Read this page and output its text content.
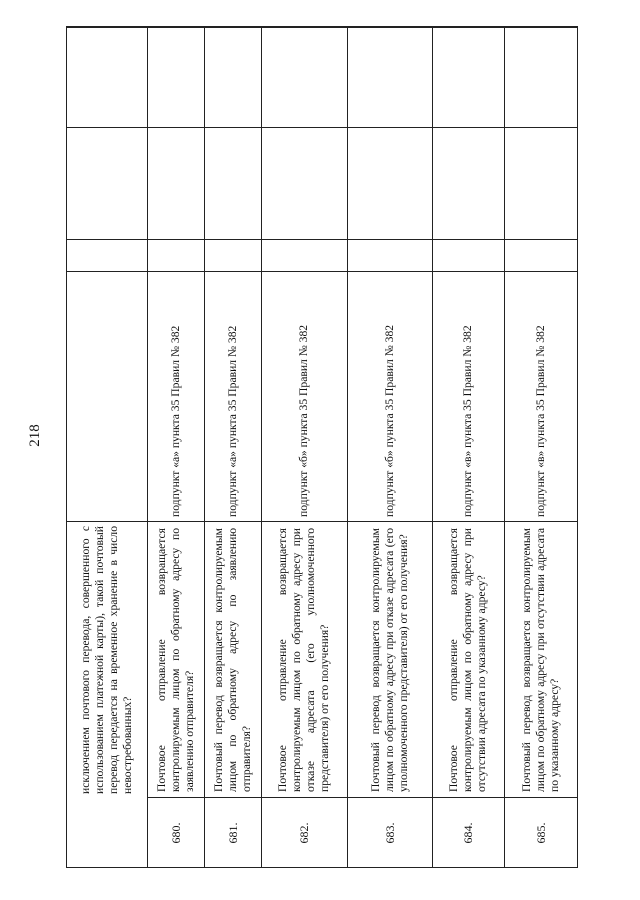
218
исключением почтового перевода, совершенного с использованием платежной карты), такой почтовый перевод передается на временное хранение в число невостребованных?
680.
Почтовое отправление возвращается контролируемым лицом по обратному адресу по заявлению отправителя?
подпункт «а» пункта 35 Правил № 382
681.
Почтовый перевод возвращается контролируемым лицом по обратному адресу по заявлению отправителя?
подпункт «а» пункта 35 Правил № 382
682.
Почтовое отправление возвращается контролируемым лицом по обратному адресу при отказе адресата (его уполномоченного представителя) от его получения?
подпункт «б» пункта 35 Правил № 382
683.
Почтовый перевод возвращается контролируемым лицом по обратному адресу при отказе адресата (его уполномоченного представителя) от его получения?
подпункт «б» пункта 35 Правил № 382
684.
Почтовое отправление возвращается контролируемым лицом по обратному адресу при отсутствии адресата по указанному адресу?
подпункт «в» пункта 35 Правил № 382
685.
Почтовый перевод возвращается контролируемым лицом по обратному адресу при отсутствии адресата по указанному адресу?
подпункт «в» пункта 35 Правил № 382
